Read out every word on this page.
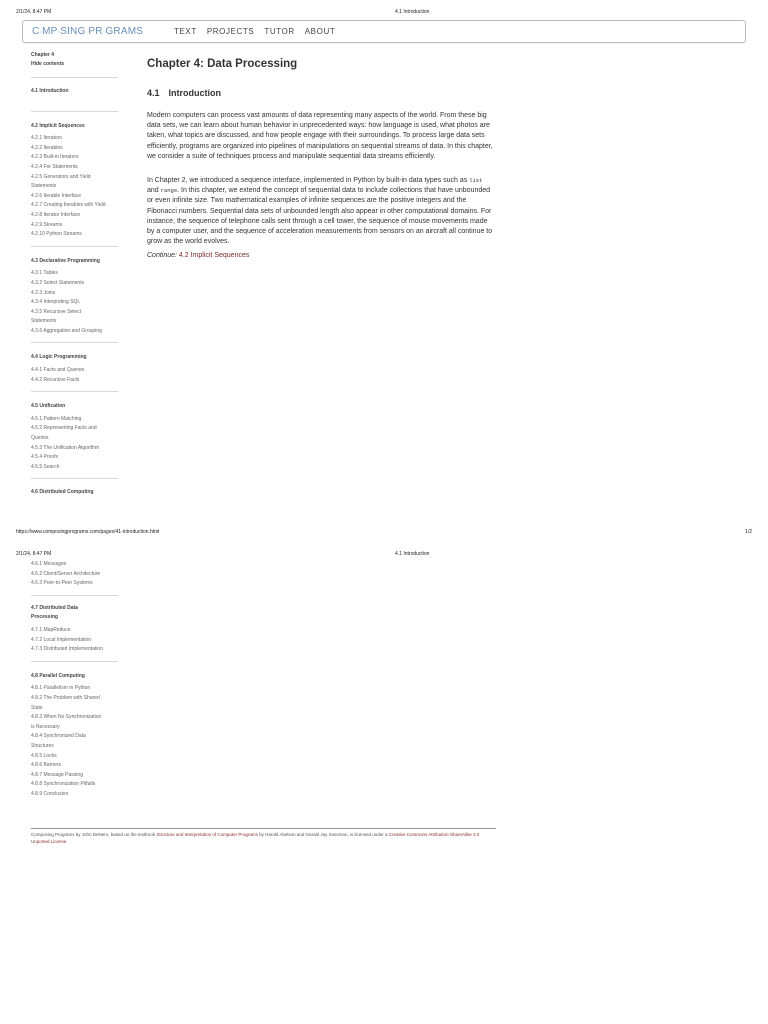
2/1/24, 8:47 PM	4.1 Introduction
C◦MP◦SING PR◦GRAMS	TEXT PROJECTS TUTOR ABOUT
Chapter 4
Hide contents
4.1 Introduction
4.2 Implicit Sequences
4.2.1 Iterators
4.2.2 Iterables
4.2.3 Built-in Iterators
4.2.4 For Statements
4.2.5 Generators and Yield
Statements
4.2.6 Iterable Interface
4.2.7 Creating Iterables with Yield
4.2.8 Iterator Interface
4.2.9 Streams
4.2.10 Python Streams
4.3 Declarative Programming
4.3.1 Tables
4.3.2 Select Statements
4.3.3 Joins
4.3.4 Interpreting SQL
4.3.5 Recursive Select
Statements
4.3.6 Aggregation and Grouping
4.4 Logic Programming
4.4.1 Facts and Queries
4.4.2 Recursive Facts
4.5 Unification
4.5.1 Pattern Matching
4.5.2 Representing Facts and
Queries
4.5.3 The Unification Algorithm
4.5.4 Proofs
4.5.5 Search
4.6 Distributed Computing
Chapter 4: Data Processing
4.1 Introduction

Modern computers can process vast amounts of data representing many aspects of the world. From these big data sets, we can learn about human behavior in unprecedented ways: how language is used, what photos are taken, what topics are discussed, and how people engage with their surroundings. To process large data sets efficiently, programs are organized into pipelines of manipulations on sequential streams of data. In this chapter, we consider a suite of techniques process and manipulate sequential data streams efficiently.

In Chapter 2, we introduced a sequence interface, implemented in Python by built-in data types such as list and range. In this chapter, we extend the concept of sequential data to include collections that have unbounded or even infinite size. Two mathematical examples of infinite sequences are the positive integers and the Fibonacci numbers. Sequential data sets of unbounded length also appear in other computational domains. For instance, the sequence of telephone calls sent through a cell tower, the sequence of mouse movements made by a computer user, and the sequence of acceleration measurements from sensors on an aircraft all continue to grow as the world evolves.

Continue: 4.2 Implicit Sequences
https://www.composingprograms.com/pages/41-introduction.html	1/2
2/1/24, 8:47 PM	4.1 Introduction
4.6.1 Messages
4.6.2 Client/Server Architecture
4.6.3 Peer-to-Peer Systems
4.7 Distributed Data
Processing
4.7.1 MapReduce
4.7.2 Local Implementation
4.7.3 Distributed Implementation
4.8 Parallel Computing
4.8.1 Parallelism in Python
4.8.2 The Problem with Shared
State
4.8.3 When No Synchronization
is Necessary
4.8.4 Synchronized Data
Structures
4.8.5 Locks
4.8.6 Barriers
4.8.7 Message Passing
4.8.8 Synchronization Pitfalls
4.8.9 Conclusion
Composing Programs by John DeNero, based on the textbook Structure and Interpretation of Computer Programs by Harold Abelson and Gerald Jay Sussman, is licensed under a Creative Commons Attribution-ShareAlike 3.0 Unported License.
